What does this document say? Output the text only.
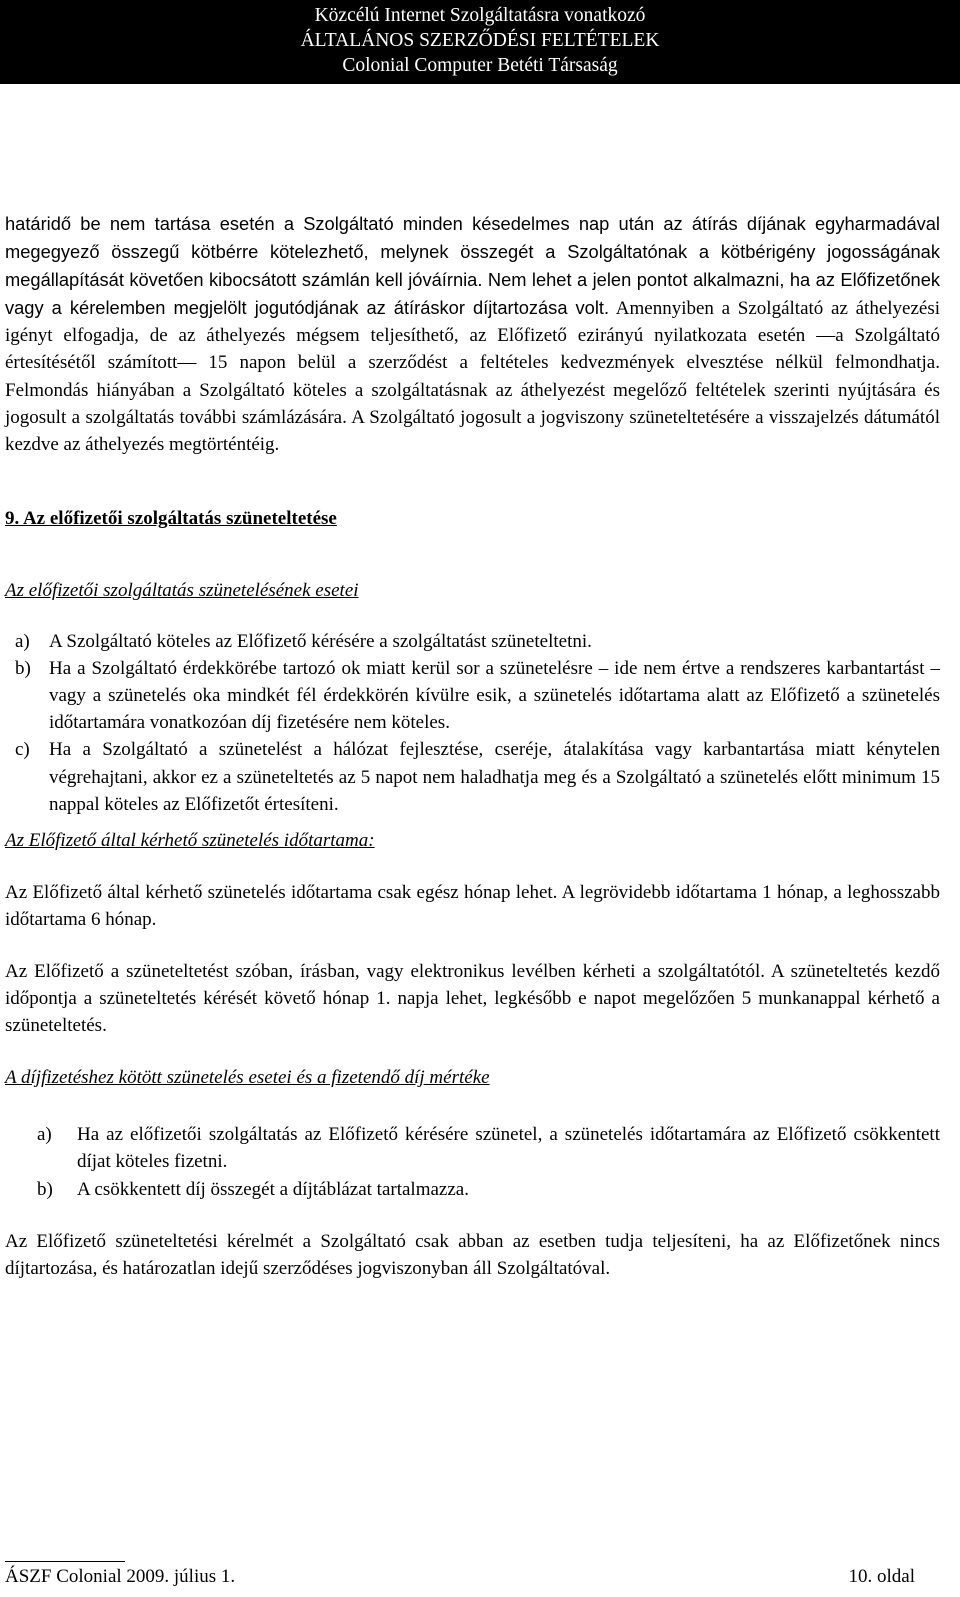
Közcélú Internet Szolgáltatásra vonatkozó
ÁLTALÁNOS SZERZŐDÉSI FELTÉTELEK
Colonial Computer Betéti Társaság
határidő be nem tartása esetén a Szolgáltató minden késedelmes nap után az átírás díjának egyharmadával megegyező összegű kötbérre kötelezhető, melynek összegét a Szolgáltatónak a kötbérigény jogosságának megállapítását követően kibocsátott számlán kell jóváírnia. Nem lehet a jelen pontot alkalmazni, ha az Előfizetőnek vagy a kérelemben megjelölt jogutódjának az átíráskor díjtartozása volt. Amennyiben a Szolgáltató az áthelyezési igényt elfogadja, de az áthelyezés mégsem teljesíthető, az Előfizető ezirányú nyilatkozata esetén —a Szolgáltató értesítésétől számított— 15 napon belül a szerződést a feltételes kedvezmények elvesztése nélkül felmondhatja. Felmondás hiányában a Szolgáltató köteles a szolgáltatásnak az áthelyezést megelőző feltételek szerinti nyújtására és jogosult a szolgáltatás további számlázására. A Szolgáltató jogosult a jogviszony szüneteltetésére a visszajelzés dátumától kezdve az áthelyezés megtörténtéig.
9. Az előfizetői szolgáltatás szüneteltetése
Az előfizetői szolgáltatás szünetelésének esetei
a)	A Szolgáltató köteles az Előfizető kérésére a szolgáltatást szüneteltetni.
b) Ha a Szolgáltató érdekkörébe tartozó ok miatt kerül sor a szünetelésre – ide nem értve a rendszeres karbantartást – vagy a szünetelés oka mindkét fél érdekkörén kívülre esik, a szünetelés időtartama alatt az Előfizető a szünetelés időtartamára vonatkozóan díj fizetésére nem köteles.
c)	Ha a Szolgáltató a szünetelést a hálózat fejlesztése, cseréje, átalakítása vagy karbantartása miatt kénytelen végrehajtani, akkor ez a szüneteltetés az 5 napot nem haladhatja meg és a Szolgáltató a szünetelés előtt minimum 15 nappal köteles az Előfizetőt értesíteni.
Az Előfizető által kérhető szünetelés időtartama:
Az Előfizető által kérhető szünetelés időtartama csak egész hónap lehet. A legrövidebb időtartama 1 hónap, a leghosszabb időtartama 6 hónap.
Az Előfizető a szüneteltetést szóban, írásban, vagy elektronikus levélben kérheti a szolgáltatótól. A szüneteltetés kezdő időpontja a szüneteltetés kérését követő hónap 1. napja lehet, legkésőbb e napot megelőzően 5 munkanappal kérhető a szüneteltetés.
A díjfizetéshez kötött szünetelés esetei és a fizetendő díj mértéke
a)	Ha az előfizetői szolgáltatás az Előfizető kérésére szünetel, a szünetelés időtartamára az Előfizető csökkentett díjat köteles fizetni.
b)	A csökkentett díj összegét a díjtáblázat tartalmazza.
Az Előfizető szüneteltetési kérelmét a Szolgáltató csak abban az esetben tudja teljesíteni, ha az Előfizetőnek nincs díjtartozása, és határozatlan idejű szerződéses jogviszonyban áll Szolgáltatóval.
ÁSZF Colonial 2009. július 1.	10. oldal
